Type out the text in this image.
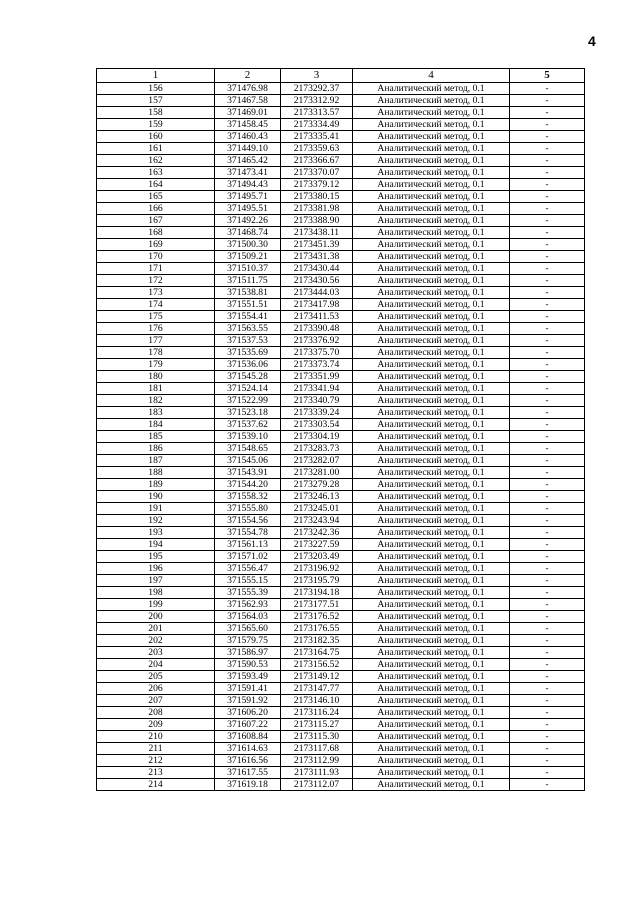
4
1	2	3	4	5
156	371476.98	2173292.37	Аналитический метод, 0.1	-
157	371467.58	2173312.92	Аналитический метод, 0.1	-
158	371469.01	2173313.57	Аналитический метод, 0.1	-
159	371458.45	2173334.49	Аналитический метод, 0.1	-
160	371460.43	2173335.41	Аналитический метод, 0.1	-
161	371449.10	2173359.63	Аналитический метод, 0.1	-
162	371465.42	2173366.67	Аналитический метод, 0.1	-
163	371473.41	2173370.07	Аналитический метод, 0.1	-
164	371494.43	2173379.12	Аналитический метод, 0.1	-
165	371495.71	2173380.15	Аналитический метод, 0.1	-
166	371495.51	2173381.98	Аналитический метод, 0.1	-
167	371492.26	2173388.90	Аналитический метод, 0.1	-
168	371468.74	2173438.11	Аналитический метод, 0.1	-
169	371500.30	2173451.39	Аналитический метод, 0.1	-
170	371509.21	2173431.38	Аналитический метод, 0.1	-
171	371510.37	2173430.44	Аналитический метод, 0.1	-
172	371511.75	2173430.56	Аналитический метод, 0.1	-
173	371538.81	2173444.03	Аналитический метод, 0.1	-
174	371551.51	2173417.98	Аналитический метод, 0.1	-
175	371554.41	2173411.53	Аналитический метод, 0.1	-
176	371563.55	2173390.48	Аналитический метод, 0.1	-
177	371537.53	2173376.92	Аналитический метод, 0.1	-
178	371535.69	2173375.70	Аналитический метод, 0.1	-
179	371536.06	2173373.74	Аналитический метод, 0.1	-
180	371545.28	2173351.99	Аналитический метод, 0.1	-
181	371524.14	2173341.94	Аналитический метод, 0.1	-
182	371522.99	2173340.79	Аналитический метод, 0.1	-
183	371523.18	2173339.24	Аналитический метод, 0.1	-
184	371537.62	2173303.54	Аналитический метод, 0.1	-
185	371539.10	2173304.19	Аналитический метод, 0.1	-
186	371548.65	2173283.73	Аналитический метод, 0.1	-
187	371545.06	2173282.07	Аналитический метод, 0.1	-
188	371543.91	2173281.00	Аналитический метод, 0.1	-
189	371544.20	2173279.28	Аналитический метод, 0.1	-
190	371558.32	2173246.13	Аналитический метод, 0.1	-
191	371555.80	2173245.01	Аналитический метод, 0.1	-
192	371554.56	2173243.94	Аналитический метод, 0.1	-
193	371554.78	2173242.36	Аналитический метод, 0.1	-
194	371561.13	2173227.59	Аналитический метод, 0.1	-
195	371571.02	2173203.49	Аналитический метод, 0.1	-
196	371556.47	2173196.92	Аналитический метод, 0.1	-
197	371555.15	2173195.79	Аналитический метод, 0.1	-
198	371555.39	2173194.18	Аналитический метод, 0.1	-
199	371562.93	2173177.51	Аналитический метод, 0.1	-
200	371564.03	2173176.52	Аналитический метод, 0.1	-
201	371565.60	2173176.55	Аналитический метод, 0.1	-
202	371579.75	2173182.35	Аналитический метод, 0.1	-
203	371586.97	2173164.75	Аналитический метод, 0.1	-
204	371590.53	2173156.52	Аналитический метод, 0.1	-
205	371593.49	2173149.12	Аналитический метод, 0.1	-
206	371591.41	2173147.77	Аналитический метод, 0.1	-
207	371591.92	2173146.10	Аналитический метод, 0.1	-
208	371606.20	2173116.24	Аналитический метод, 0.1	-
209	371607.22	2173115.27	Аналитический метод, 0.1	-
210	371608.84	2173115.30	Аналитический метод, 0.1	-
211	371614.63	2173117.68	Аналитический метод, 0.1	-
212	371616.56	2173112.99	Аналитический метод, 0.1	-
213	371617.55	2173111.93	Аналитический метод, 0.1	-
214	371619.18	2173112.07	Аналитический метод, 0.1	-
